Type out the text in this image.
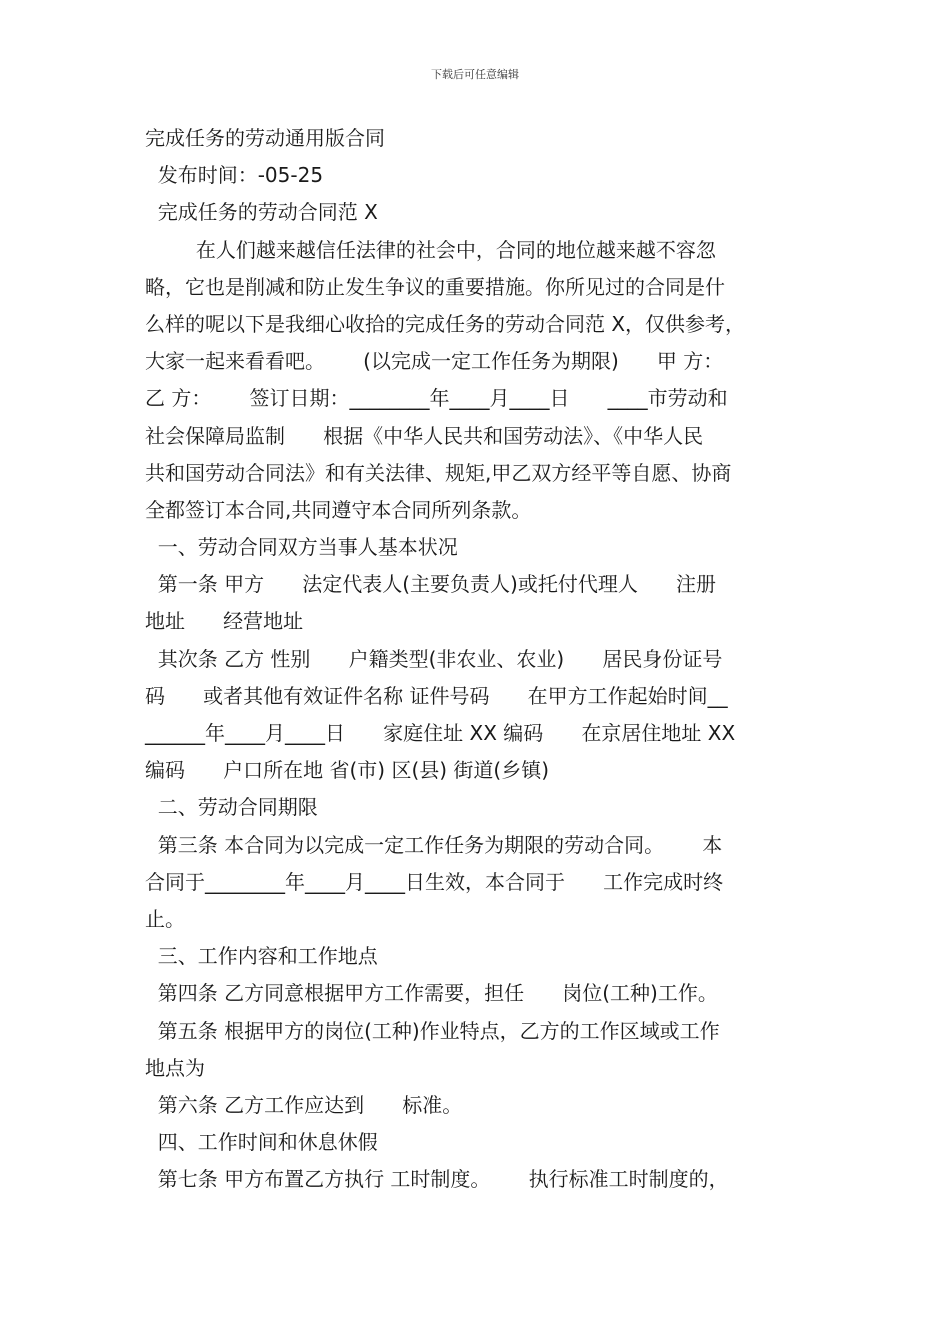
下载后可任意编辑
完成任务的劳动通用版合同
发布时间：-05-25
完成任务的劳动合同范 X
在人们越来越信任法律的社会中，合同的地位越来越不容忽
略，它也是削减和防止发生争议的重要措施。你所见过的合同是什
么样的呢以下是我细心收拾的完成任务的劳动合同范 X，仅供参考，
大家一起来看看吧。      (以完成一定工作任务为期限)      甲 方：
乙 方：      签订日期：________年____月____日      ____市劳动和
社会保障局监制      根据《中华人民共和国劳动法》、《中华人民
共和国劳动合同法》和有关法律、规矩,甲乙双方经平等自愿、协商
全都签订本合同,共同遵守本合同所列条款。
一、劳动合同双方当事人基本状况
第一条 甲方      法定代表人(主要负责人)或托付代理人      注册
地址      经营地址
其次条 乙方 性别      户籍类型(非农业、农业)      居民身份证号
码      或者其他有效证件名称 证件号码      在甲方工作起始时间__
______年____月____日      家庭住址 XX 编码      在京居住地址 XX
编码      户口所在地 省(市) 区(县) 街道(乡镇)
二、劳动合同期限
第三条 本合同为以完成一定工作任务为期限的劳动合同。      本
合同于________年____月____日生效，本合同于      工作完成时终
止。
三、工作内容和工作地点
第四条 乙方同意根据甲方工作需要，担任      岗位(工种)工作。
第五条 根据甲方的岗位(工种)作业特点，乙方的工作区域或工作
地点为
第六条 乙方工作应达到      标准。
四、工作时间和休息休假
第七条 甲方布置乙方执行 工时制度。      执行标准工时制度的，
